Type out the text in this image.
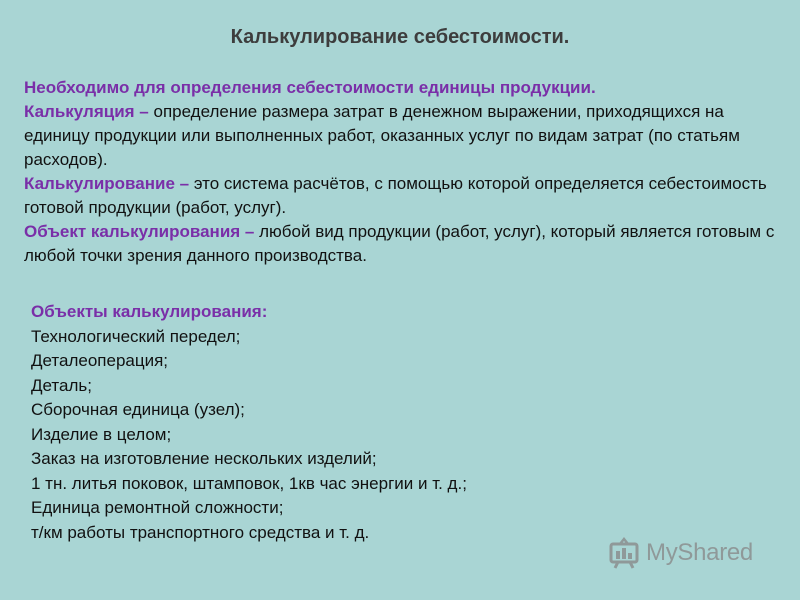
Калькулирование себестоимости.

Необходимо для определения себестоимости единицы продукции.

Калькуляция – определение размера затрат в денежном выражении, приходящихся на единицу продукции или выполненных работ, оказанных услуг по видам затрат (по статьям расходов).

Калькулирование – это система расчётов, с помощью которой определяется себестоимость готовой продукции (работ, услуг).

Объект калькулирования – любой вид продукции (работ, услуг), который является готовым с любой точки зрения данного производства.

Объекты калькулирования:
Технологический передел;
Деталеоперация;
Деталь;
Сборочная единица (узел);
Изделие в целом;
Заказ на изготовление нескольких изделий;
1 тн. литья поковок, штамповок, 1кв час энергии и т. д.;
Единица ремонтной сложности;
т/км работы транспортного средства и т. д.
MyShared
